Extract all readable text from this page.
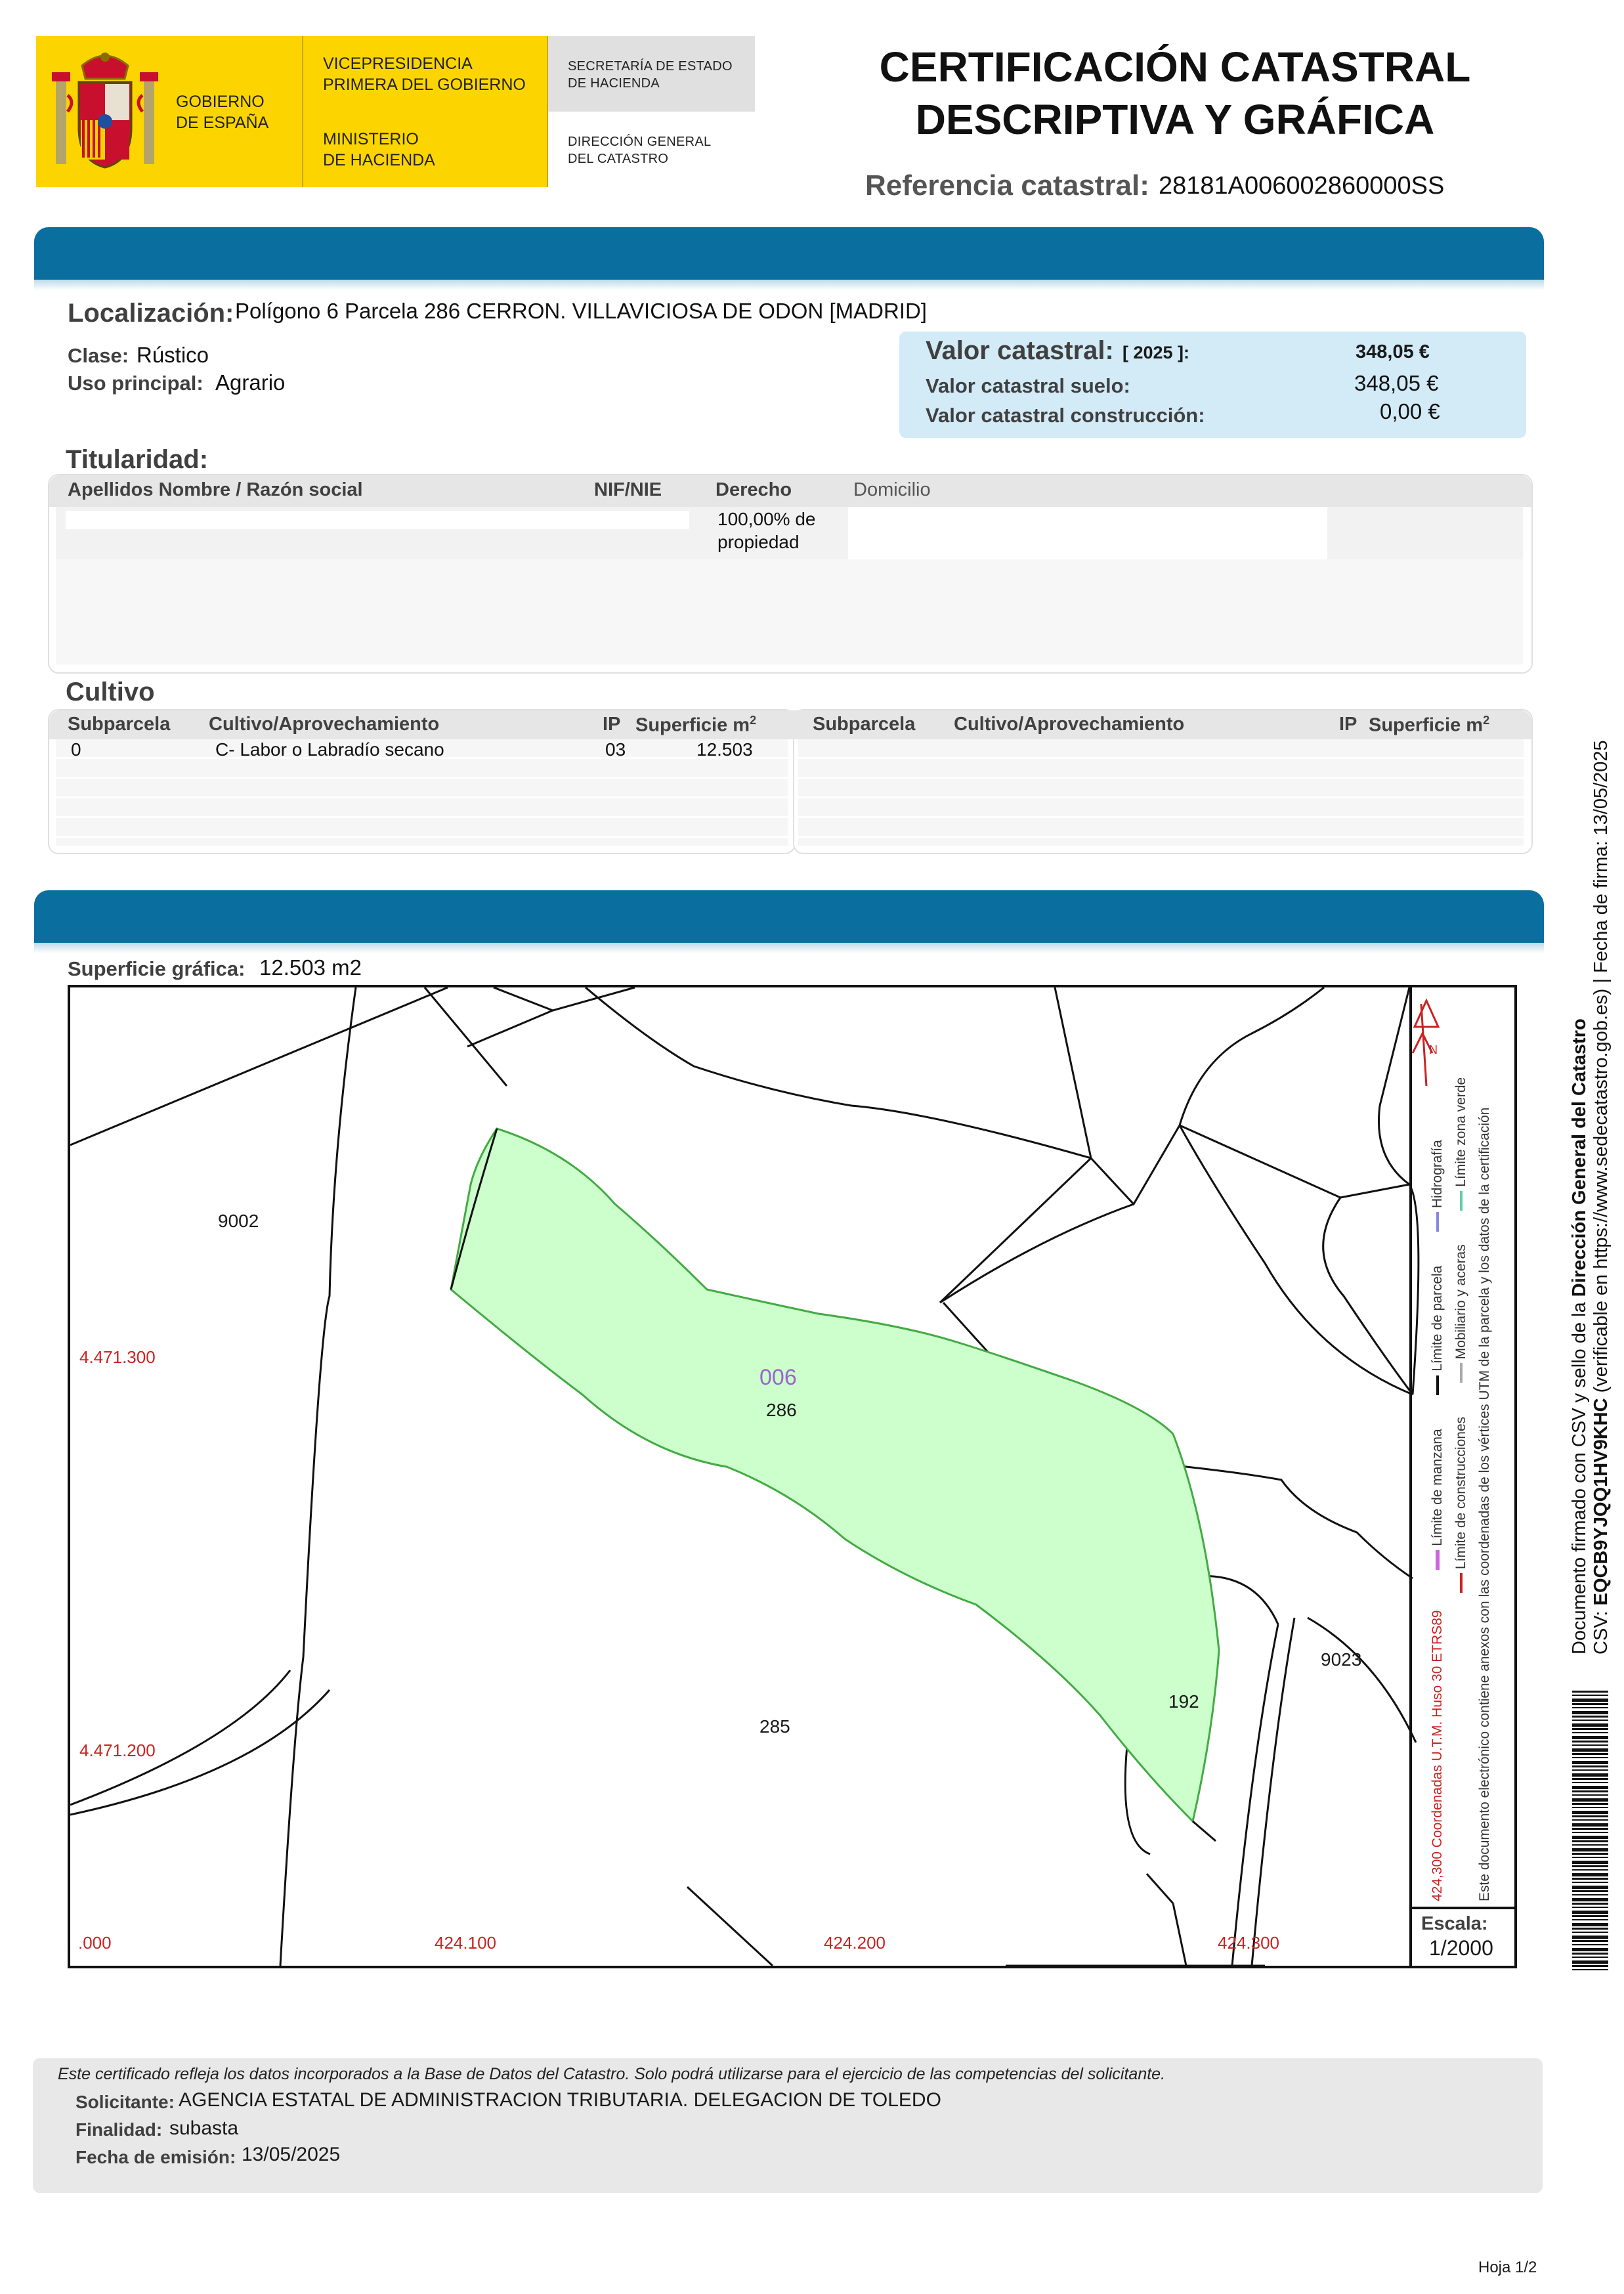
GOBIERNO
DE ESPAÑA
VICEPRESIDENCIA
PRIMERA DEL GOBIERNO
MINISTERIO
DE HACIENDA
SECRETARÍA DE ESTADO
DE HACIENDA
DIRECCIÓN GENERAL
DEL CATASTRO
CERTIFICACIÓN CATASTRAL
DESCRIPTIVA Y GRÁFICA
Referencia catastral: 28181A006002860000SS
Localización: Polígono 6 Parcela 286 CERRON. VILLAVICIOSA DE ODON [MADRID]
Clase: Rústico
Uso principal: Agrario
Valor catastral: [ 2025 ]:	348,05 €
Valor catastral suelo:	348,05 €
Valor catastral construcción:	0,00 €
Titularidad:
Apellidos Nombre / Razón social	NIF/NIE	Derecho	Domicilio
100,00% de
propiedad
Cultivo
Subparcela Cultivo/Aprovechamiento	IP Superficie $m^2$	Subparcela Cultivo/Aprovechamiento	IP Superficie $m^2$
0	C- Labor o Labradío secano	03	12.503
Superficie gráfica: 12.503 m2
006
286
285
192
9002
9023
4.471.300
4.471.200
.000	424.100	424.200	424.300
N
Escala:
1/2000
424,300 Coordenadas U.T.M. Huso 30 ETRS89   Límite de manzana   Límite de parcela   Hidrografía
Límite de construcciones   Mobiliario y aceras   Límite zona verde Este documento electrónico contiene anexos con las coordenadas de los vértices UTM de la parcela y los datos de la certificación
Este certificado refleja los datos incorporados a la Base de Datos del Catastro. Solo podrá utilizarse para el ejercicio de las competencias del solicitante.
Solicitante: AGENCIA ESTATAL DE ADMINISTRACION TRIBUTARIA. DELEGACION DE TOLEDO
Finalidad: subasta
Fecha de emisión: 13/05/2025
Hoja 1/2
Documento firmado con CSV y sello de la Dirección General del Catastro
CSV: EQCB9YJQQ1HV9KHC (verificable en https://www.sedecatastro.gob.es) | Fecha de firma: 13/05/2025
